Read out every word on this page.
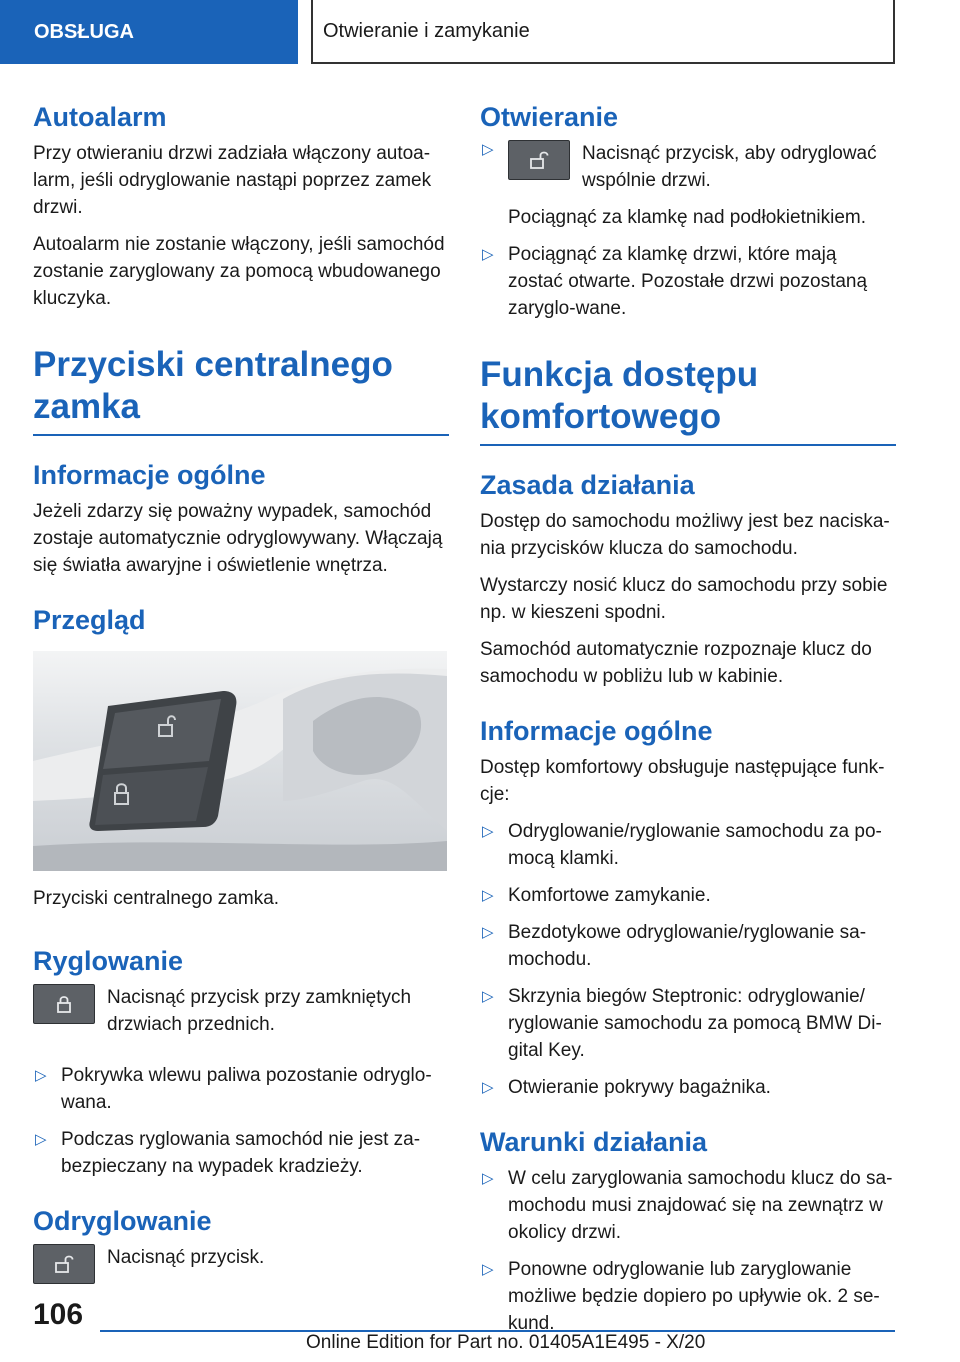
OBSŁUGA	Otwieranie i zamykanie
Autoalarm

Przy otwieraniu drzwi zadziała włączony autoa-larm, jeśli odryglowanie nastąpi poprzez zamek drzwi.

Autoalarm nie zostanie włączony, jeśli samochód zostanie zaryglowany za pomocą wbudowanego kluczyka.

Przyciski centralnego zamka
Informacje ogólne

Jeżeli zdarzy się poważny wypadek, samochód zostaje automatycznie odryglowywany. Włączają się światła awaryjne i oświetlenie wnętrza.

Przegląd

Przyciski centralnego zamka.

Ryglowanie

Nacisnąć przycisk przy zamkniętych drzwiach przednich.

▷ Pokrywka wlewu paliwa pozostanie odryglo-wana.
▷ Podczas ryglowania samochód nie jest za-bezpieczany na wypadek kradzieży.
Odryglowanie

Nacisnąć przycisk.

Otwieranie
▷	Nacisnąć przycisk, aby odryglować wspólnie drzwi.

Pociągnąć za klamkę nad podłokietnikiem.

▷ Pociągnąć za klamkę drzwi, które mają zostać otwarte. Pozostałe drzwi pozostaną zaryglo-wane.
Funkcja dostępu komfortowego
Zasada działania

Dostęp do samochodu możliwy jest bez naciska-nia przycisków klucza do samochodu.

Wystarczy nosić klucz do samochodu przy sobie np. w kieszeni spodni.

Samochód automatycznie rozpoznaje klucz do samochodu w pobliżu lub w kabinie.

Informacje ogólne

Dostęp komfortowy obsługuje następujące funk-cje:

▷ Odryglowanie/ryglowanie samochodu za po-mocą klamki.
▷ Komfortowe zamykanie.
▷ Bezdotykowe odryglowanie/ryglowanie sa-mochodu.
▷ Skrzynia biegów Steptronic: odryglowanie/ ryglowanie samochodu za pomocą BMW Di-gital Key.
▷ Otwieranie pokrywy bagażnika.
Warunki działania
▷ W celu zaryglowania samochodu klucz do sa-mochodu musi znajdować się na zewnątrz w okolicy drzwi.
▷ Ponowne odryglowanie lub zaryglowanie możliwe będzie dopiero po upływie ok. 2 se-kund.
106
Online Edition for Part no. 01405A1E495 - X/20
